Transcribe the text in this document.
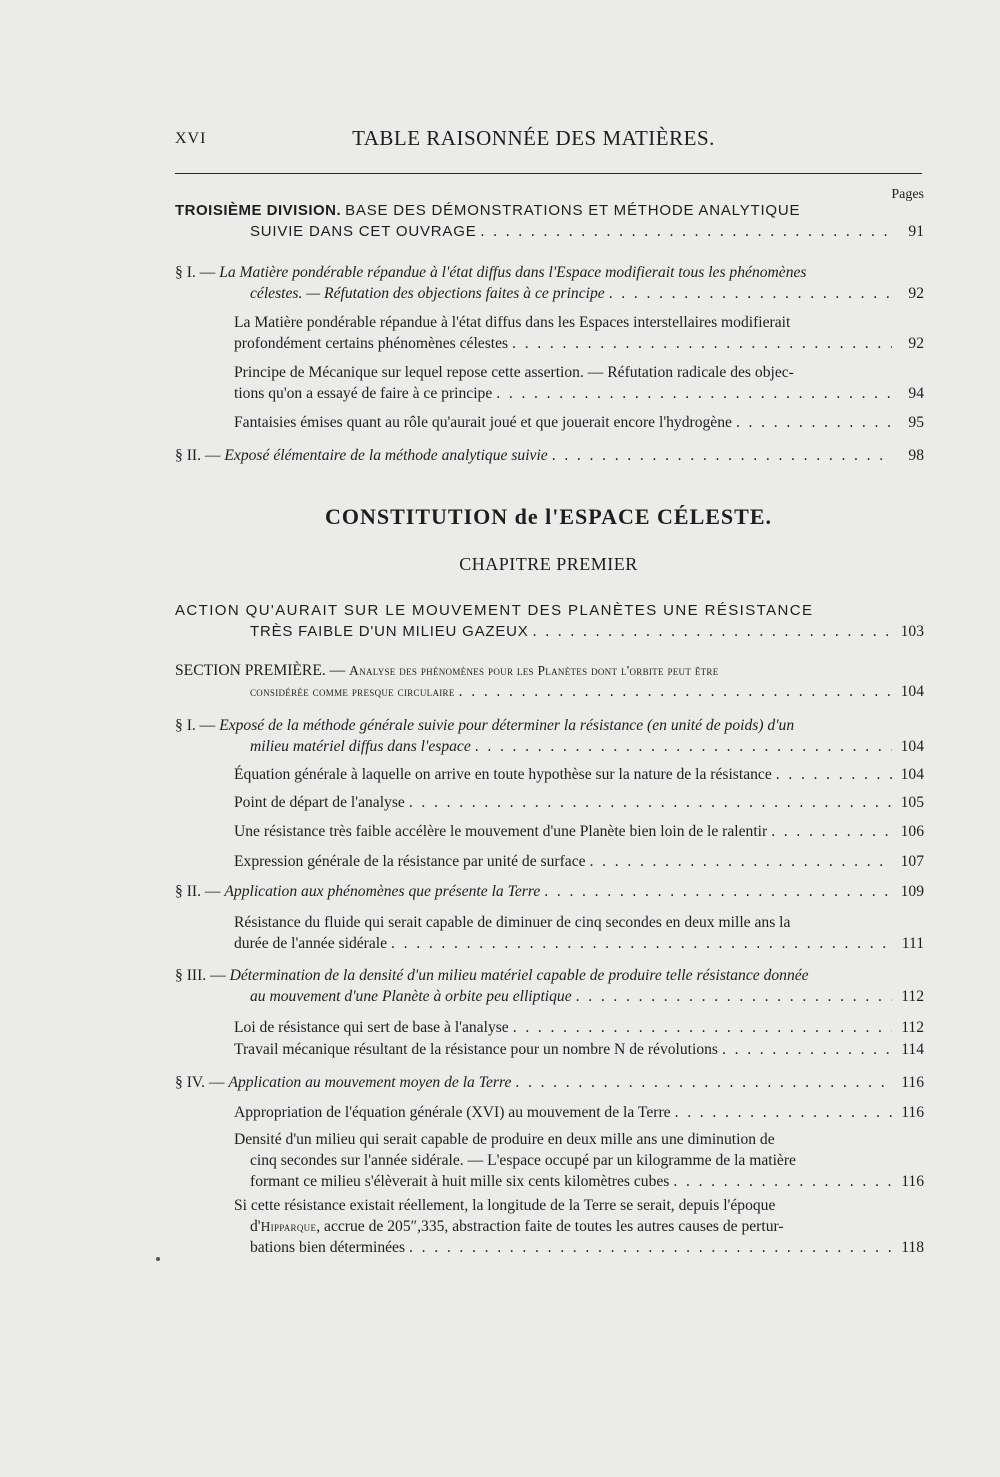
XVI	TABLE RAISONNÉE DES MATIÈRES.
Pages
TROISIÈME DIVISION. BASE DES DÉMONSTRATIONS ET MÉTHODE ANALYTIQUE
SUIVIE DANS CET OUVRAGE . . .	91
§ I. — La Matière pondérable répandue à l'état diffus dans l'Espace modifierait tous les phénomènes
célestes. — Réfutation des objections faites à ce principe . . .	92
La Matière pondérable répandue à l'état diffus dans les Espaces interstellaires modifierait
profondément certains phénomènes célestes . . .	92
Principe de Mécanique sur lequel repose cette assertion. — Réfutation radicale des objec-
tions qu'on a essayé de faire à ce principe . . .	94
Fantaisies émises quant au rôle qu'aurait joué et que jouerait encore l'hydrogène . . .	95
§ II. —
Exposé élémentaire de la méthode analytique suivie . . .	98
CONSTITUTION de l'ESPACE CÉLESTE.
CHAPITRE PREMIER
ACTION QU'AURAIT SUR LE MOUVEMENT DES PLANÈTES UNE RÉSISTANCE
TRÈS FAIBLE D'UN MILIEU GAZEUX . . .	103
SECTION PREMIÈRE. — Analyse des phénomènes pour les Planètes dont l'orbite peut être
considérée comme presque circulaire . . .	104
§ I. — Exposé de la méthode générale suivie pour déterminer la résistance (en unité de poids) d'un
milieu matériel diffus dans l'espace . . .	104
Équation générale à laquelle on arrive en toute hypothèse sur la nature de la résistance . . .	104
Point de départ de l'analyse . . .	105
Une résistance très faible accélère le mouvement d'une Planète bien loin de le ralentir . . .	106
Expression générale de la résistance par unité de surface . . .	107
§ II. —
Application aux phénomènes que présente la Terre . . .	109
Résistance du fluide qui serait capable de diminuer de cinq secondes en deux mille ans la
durée de l'année sidérale . . .	111
§ III. — Détermination de la densité d'un milieu matériel capable de produire telle résistance donnée
au mouvement d'une Planète à orbite peu elliptique . . .	112
Loi de résistance qui sert de base à l'analyse . . .	112
Travail mécanique résultant de la résistance pour un nombre N de révolutions . . .	114
§ IV. —
Application au mouvement moyen de la Terre . . .	116
Appropriation de l'équation générale (XVI) au mouvement de la Terre . . .	116
Densité d'un milieu qui serait capable de produire en deux mille ans une diminution de
cinq secondes sur l'année sidérale. — L'espace occupé par un kilogramme de la matière
formant ce milieu s'élèverait à huit mille six cents kilomètres cubes . . .	116
Si cette résistance existait réellement, la longitude de la Terre se serait, depuis l'époque
d'Hipparque, accrue de 205″,335, abstraction faite de toutes les autres causes de pertur-
bations bien déterminées . . .	118
